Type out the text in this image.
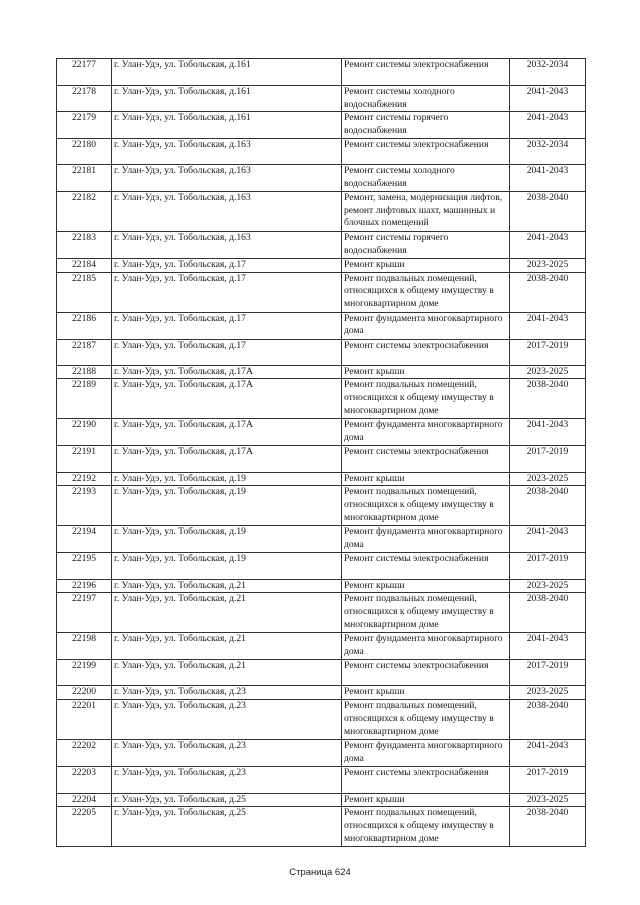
22177	г. Улан-Удэ, ул. Тобольская, д.161	Ремонт системы электроснабжения	2032-2034
22178	г. Улан-Удэ, ул. Тобольская, д.161	Ремонт системы холодного водоснабжения	2041-2043
22179	г. Улан-Удэ, ул. Тобольская, д.161	Ремонт системы горячего водоснабжения	2041-2043
22180	г. Улан-Удэ, ул. Тобольская, д.163	Ремонт системы электроснабжения	2032-2034
22181	г. Улан-Удэ, ул. Тобольская, д.163	Ремонт системы холодного водоснабжения	2041-2043
22182	г. Улан-Удэ, ул. Тобольская, д.163	Ремонт, замена, модернизация лифтов, ремонт лифтовых шахт, машинных и блочных помещений	2038-2040
22183	г. Улан-Удэ, ул. Тобольская, д.163	Ремонт системы горячего водоснабжения	2041-2043
22184	г. Улан-Удэ, ул. Тобольская, д.17	Ремонт крыши	2023-2025
22185	г. Улан-Удэ, ул. Тобольская, д.17	Ремонт подвальных помещений, относящихся к общему имуществу в многоквартирном доме	2038-2040
22186	г. Улан-Удэ, ул. Тобольская, д.17	Ремонт фундамента многоквартирного дома	2041-2043
22187	г. Улан-Удэ, ул. Тобольская, д.17	Ремонт системы электроснабжения	2017-2019
22188	г. Улан-Удэ, ул. Тобольская, д.17А	Ремонт крыши	2023-2025
22189	г. Улан-Удэ, ул. Тобольская, д.17А	Ремонт подвальных помещений, относящихся к общему имуществу в многоквартирном доме	2038-2040
22190	г. Улан-Удэ, ул. Тобольская, д.17А	Ремонт фундамента многоквартирного дома	2041-2043
22191	г. Улан-Удэ, ул. Тобольская, д.17А	Ремонт системы электроснабжения	2017-2019
22192	г. Улан-Удэ, ул. Тобольская, д.19	Ремонт крыши	2023-2025
22193	г. Улан-Удэ, ул. Тобольская, д.19	Ремонт подвальных помещений, относящихся к общему имуществу в многоквартирном доме	2038-2040
22194	г. Улан-Удэ, ул. Тобольская, д.19	Ремонт фундамента многоквартирного дома	2041-2043
22195	г. Улан-Удэ, ул. Тобольская, д.19	Ремонт системы электроснабжения	2017-2019
22196	г. Улан-Удэ, ул. Тобольская, д.21	Ремонт крыши	2023-2025
22197	г. Улан-Удэ, ул. Тобольская, д.21	Ремонт подвальных помещений, относящихся к общему имуществу в многоквартирном доме	2038-2040
22198	г. Улан-Удэ, ул. Тобольская, д.21	Ремонт фундамента многоквартирного дома	2041-2043
22199	г. Улан-Удэ, ул. Тобольская, д.21	Ремонт системы электроснабжения	2017-2019
22200	г. Улан-Удэ, ул. Тобольская, д.23	Ремонт крыши	2023-2025
22201	г. Улан-Удэ, ул. Тобольская, д.23	Ремонт подвальных помещений, относящихся к общему имуществу в многоквартирном доме	2038-2040
22202	г. Улан-Удэ, ул. Тобольская, д.23	Ремонт фундамента многоквартирного дома	2041-2043
22203	г. Улан-Удэ, ул. Тобольская, д.23	Ремонт системы электроснабжения	2017-2019
22204	г. Улан-Удэ, ул. Тобольская, д.25	Ремонт крыши	2023-2025
22205	г. Улан-Удэ, ул. Тобольская, д.25	Ремонт подвальных помещений, относящихся к общему имуществу в многоквартирном доме	2038-2040
Страница 624
